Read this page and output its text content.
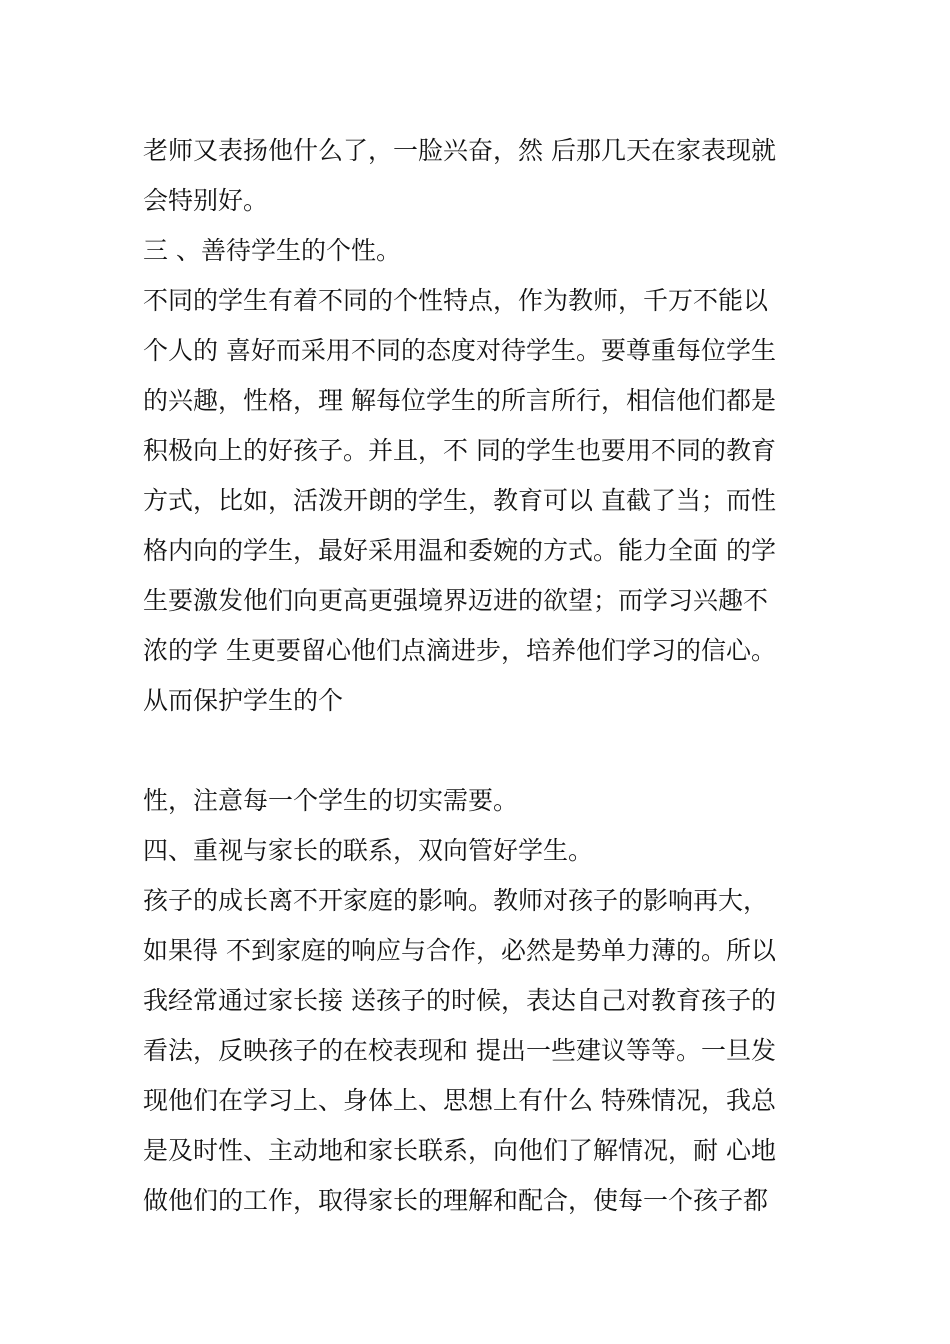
老师又表扬他什么了，一脸兴奋，然 后那几天在家表现就
会特别好。
三 、善待学生的个性。
不同的学生有着不同的个性特点，作为教师，千万不能以
个人的 喜好而采用不同的态度对待学生。要尊重每位学生
的兴趣，性格，理 解每位学生的所言所行，相信他们都是
积极向上的好孩子。并且，不 同的学生也要用不同的教育
方式，比如，活泼开朗的学生，教育可以 直截了当；而性
格内向的学生，最好采用温和委婉的方式。能力全面 的学
生要激发他们向更高更强境界迈进的欲望；而学习兴趣不
浓的学 生更要留心他们点滴进步，培养他们学习的信心。
从而保护学生的个
性，注意每一个学生的切实需要。
四、重视与家长的联系，双向管好学生。
孩子的成长离不开家庭的影响。教师对孩子的影响再大，
如果得 不到家庭的响应与合作，必然是势单力薄的。所以
我经常通过家长接 送孩子的时候，表达自己对教育孩子的
看法，反映孩子的在校表现和 提出一些建议等等。一旦发
现他们在学习上、身体上、思想上有什么 特殊情况，我总
是及时性、主动地和家长联系，向他们了解情况，耐 心地
做他们的工作，取得家长的理解和配合，使每一个孩子都
